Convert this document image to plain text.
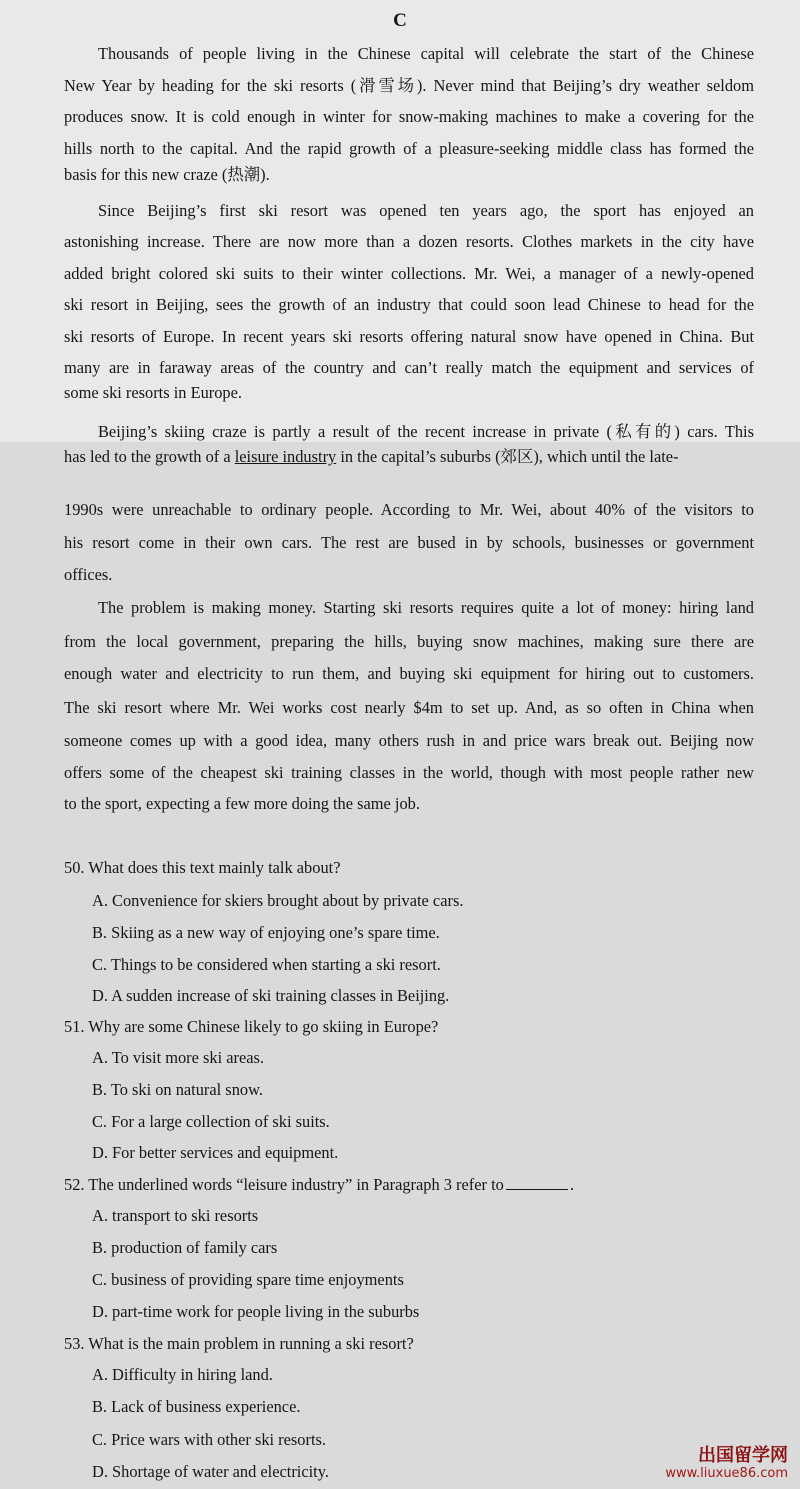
C
Thousands of people living in the Chinese capital will celebrate the start of the Chinese
New Year by heading for the ski resorts (滑雪场). Never mind that Beijing’s dry weather seldom
produces snow. It is cold enough in winter for snow-making machines to make a covering for the
hills north to the capital. And the rapid growth of a pleasure-seeking middle class has formed the
basis for this new craze (热潮).
Since Beijing’s first ski resort was opened ten years ago, the sport has enjoyed an
astonishing increase. There are now more than a dozen resorts. Clothes markets in the city have
added bright colored ski suits to their winter collections. Mr. Wei, a manager of a newly-opened
ski resort in Beijing, sees the growth of an industry that could soon lead Chinese to head for the
ski resorts of Europe. In recent years ski resorts offering natural snow have opened in China. But
many are in faraway areas of the country and can’t really match the equipment and services of
some ski resorts in Europe.
Beijing’s skiing craze is partly a result of the recent increase in private (私有的) cars. This
has led to the growth of a leisure industry in the capital’s suburbs (郊区), which until the late-
1990s were unreachable to ordinary people. According to Mr. Wei, about 40% of the visitors to
his resort come in their own cars. The rest are bused in by schools, businesses or government
offices.
The problem is making money. Starting ski resorts requires quite a lot of money: hiring land
from the local government, preparing the hills, buying snow machines, making sure there are
enough water and electricity to run them, and buying ski equipment for hiring out to customers.
The ski resort where Mr. Wei works cost nearly $4m to set up. And, as so often in China when
someone comes up with a good idea, many others rush in and price wars break out. Beijing now
offers some of the cheapest ski training classes in the world, though with most people rather new
to the sport, expecting a few more doing the same job.
50. What does this text mainly talk about?
A. Convenience for skiers brought about by private cars.
B. Skiing as a new way of enjoying one’s spare time.
C. Things to be considered when starting a ski resort.
D. A sudden increase of ski training classes in Beijing.
51. Why are some Chinese likely to go skiing in Europe?
A. To visit more ski areas.
B. To ski on natural snow.
C. For a large collection of ski suits.
D. For better services and equipment.
52. The underlined words “leisure industry” in Paragraph 3 refer to	.
A. transport to ski resorts
B. production of family cars
C. business of providing spare time enjoyments
D. part-time work for people living in the suburbs
53. What is the main problem in running a ski resort?
A. Difficulty in hiring land.
B. Lack of business experience.
C. Price wars with other ski resorts.
D. Shortage of water and electricity.
出国留学网
www.liuxue86.com
